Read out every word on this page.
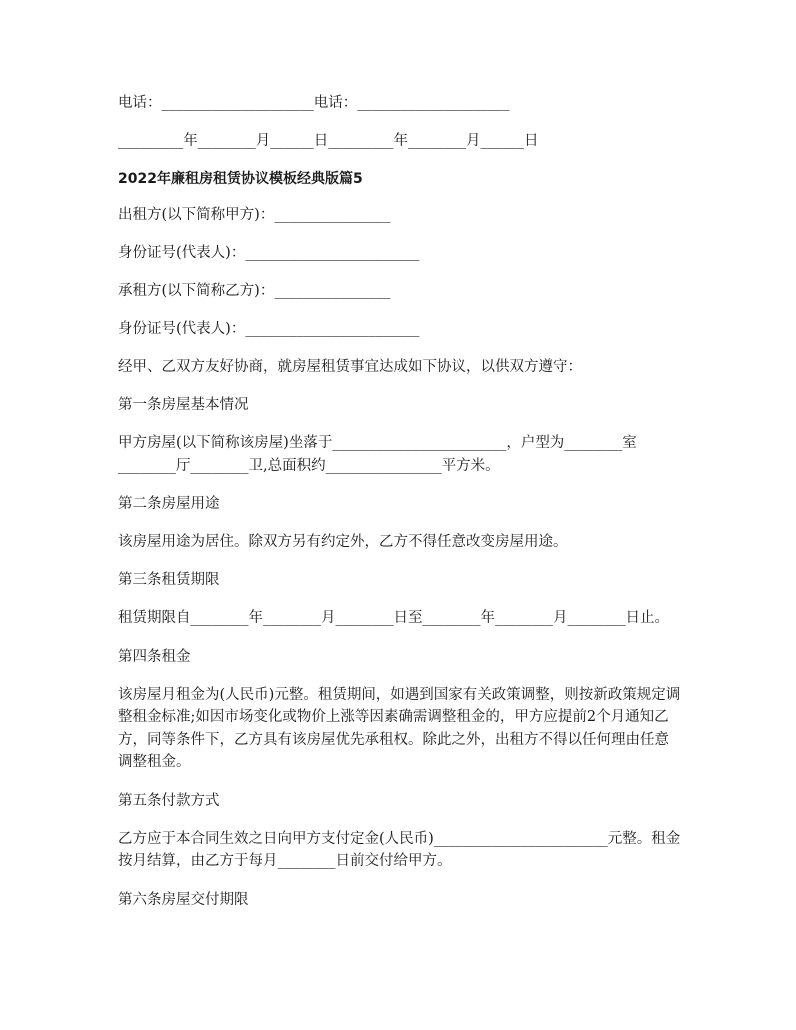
电话：_____________________电话：_____________________

_________年________月______日_________年________月______日

2022年廉租房租赁协议模板经典版篇5

出租方(以下简称甲方)：________________

身份证号(代表人)：________________________

承租方(以下简称乙方)：________________

身份证号(代表人)：________________________

经甲、乙双方友好协商，就房屋租赁事宜达成如下协议，以供双方遵守：

第一条房屋基本情况

甲方房屋(以下简称该房屋)坐落于________________________，户型为________室________厅________卫,总面积约________________平方米。

第二条房屋用途

该房屋用途为居住。除双方另有约定外，乙方不得任意改变房屋用途。

第三条租赁期限

租赁期限自________年________月________日至________年________月________日止。

第四条租金

该房屋月租金为(人民币)元整。租赁期间，如遇到国家有关政策调整，则按新政策规定调整租金标准;如因市场变化或物价上涨等因素确需调整租金的，甲方应提前2个月通知乙方，同等条件下，乙方具有该房屋优先承租权。除此之外，出租方不得以任何理由任意调整租金。

第五条付款方式

乙方应于本合同生效之日向甲方支付定金(人民币)________________________元整。租金按月结算，由乙方于每月________日前交付给甲方。

第六条房屋交付期限
